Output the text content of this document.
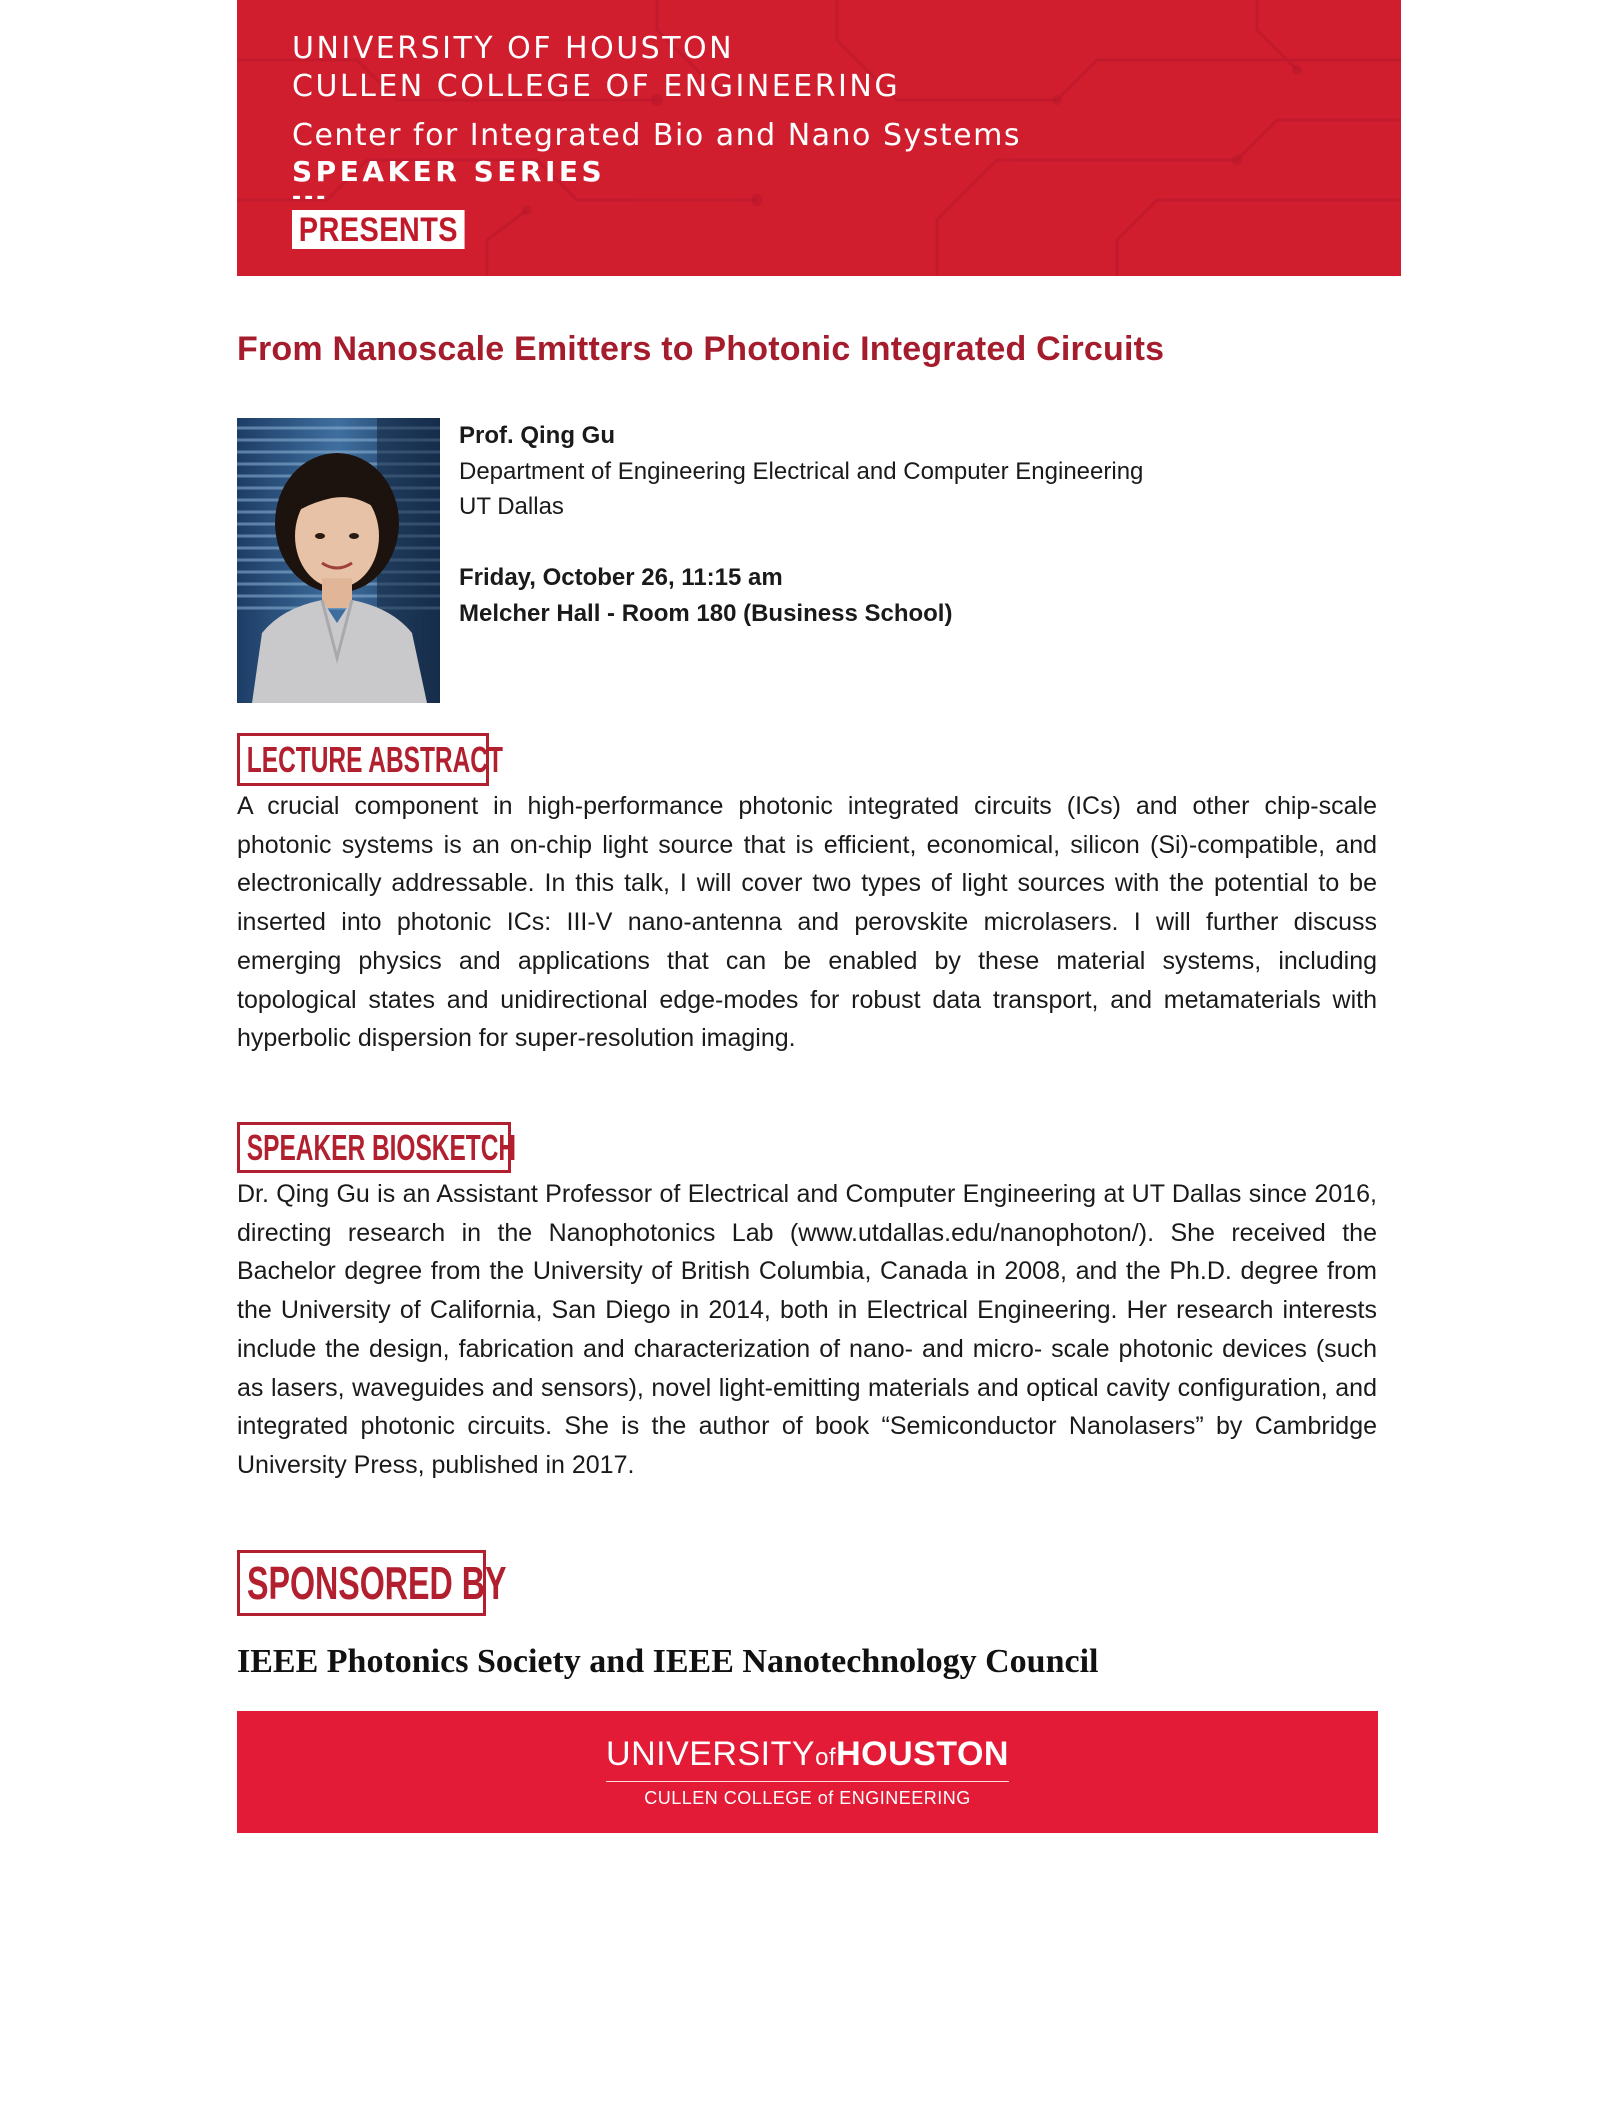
UNIVERSITY OF HOUSTON
CULLEN COLLEGE OF ENGINEERING
Center for Integrated Bio and Nano Systems
SPEAKER SERIES
---
PRESENTS
From Nanoscale Emitters to Photonic Integrated Circuits
Prof. Qing Gu
Department of Engineering Electrical and Computer Engineering
UT Dallas
Friday, October 26, 11:15 am
Melcher Hall - Room 180 (Business School)
LECTURE ABSTRACT

A crucial component in high-performance photonic integrated circuits (ICs) and other chip-scale photonic systems is an on-chip light source that is efficient, economical, silicon (Si)-compatible, and electronically addressable. In this talk, I will cover two types of light sources with the potential to be inserted into photonic ICs: III-V nano-antenna and perovskite microlasers. I will further discuss emerging physics and applications that can be enabled by these material systems, including topological states and unidirectional edge-modes for robust data transport, and metamaterials with hyperbolic dispersion for super-resolution imaging.

SPEAKER BIOSKETCH

Dr. Qing Gu is an Assistant Professor of Electrical and Computer Engineering at UT Dallas since 2016, directing research in the Nanophotonics Lab (www.utdallas.edu/nanophoton/). She received the Bachelor degree from the University of British Columbia, Canada in 2008, and the Ph.D. degree from the University of California, San Diego in 2014, both in Electrical Engineering. Her research interests include the design, fabrication and characterization of nano- and micro- scale photonic devices (such as lasers, waveguides and sensors), novel light-emitting materials and optical cavity configuration, and integrated photonic circuits. She is the author of book “Semiconductor Nanolasers” by Cambridge University Press, published in 2017.

SPONSORED BY
IEEE Photonics Society and IEEE Nanotechnology Council
UNIVERSITYofHOUSTON
CULLEN COLLEGE of ENGINEERING
